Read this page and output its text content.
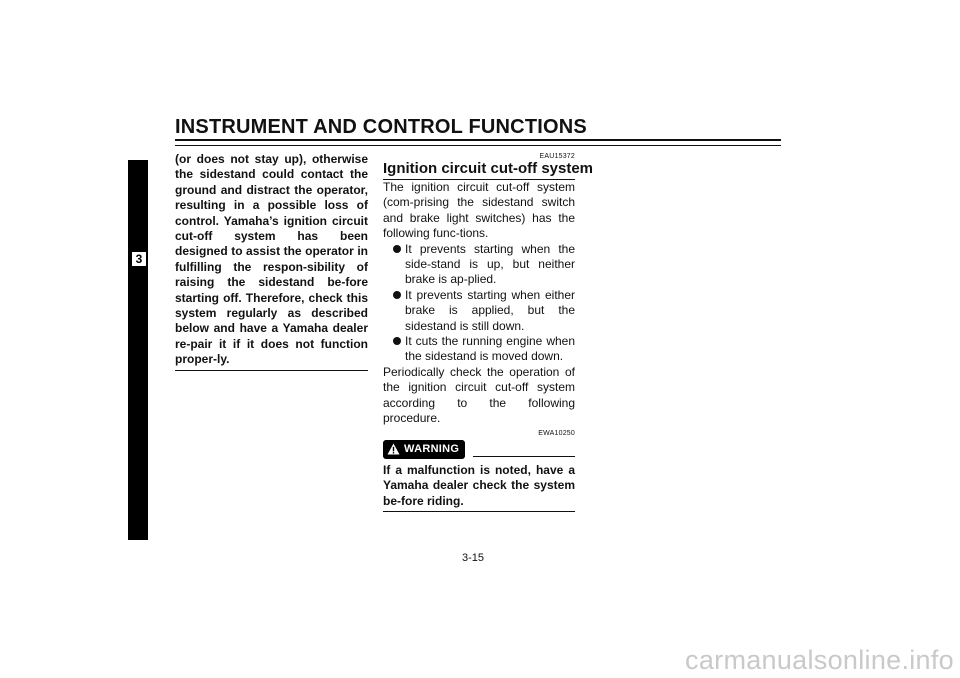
INSTRUMENT AND CONTROL FUNCTIONS
3
(or does not stay up), otherwise the sidestand could contact the ground and distract the operator, resulting in a possible loss of control. Yamaha’s ignition circuit cut-off system has been designed to assist the operator in fulfilling the respon-sibility of raising the sidestand be-fore starting off. Therefore, check this system regularly as described below and have a Yamaha dealer re-pair it if it does not function proper-ly.
EAU15372
Ignition circuit cut-off system

The ignition circuit cut-off system (com-prising the sidestand switch and brake light switches) has the following func-tions.

It prevents starting when the side-stand is up, but neither brake is ap-plied.
It prevents starting when either brake is applied, but the sidestand is still down.
It cuts the running engine when the sidestand is moved down.

Periodically check the operation of the ignition circuit cut-off system according to the following procedure.

EWA10250
WARNING
If a malfunction is noted, have a Yamaha dealer check the system be-fore riding.
3-15
carmanualsonline.info
